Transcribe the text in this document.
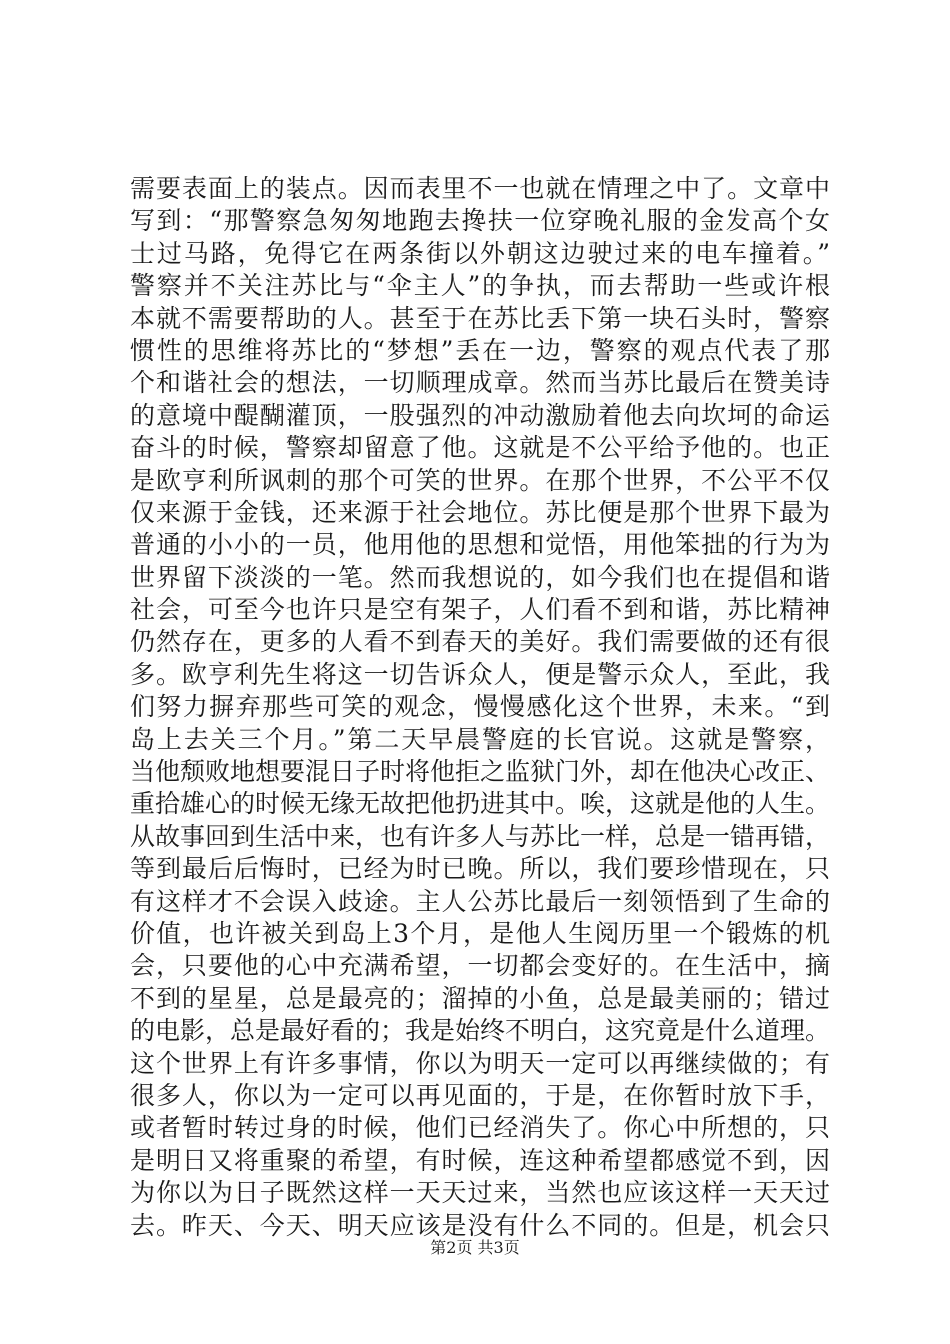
需要表面上的装点。因而表里不一也就在情理之中了。文章中
写到：“那警察急匆匆地跑去搀扶一位穿晚礼服的金发高个女
士过马路，免得它在两条街以外朝这边驶过来的电车撞着。”
警察并不关注苏比与“伞主人”的争执，而去帮助一些或许根
本就不需要帮助的人。甚至于在苏比丢下第一块石头时，警察
惯性的思维将苏比的“梦想”丢在一边，警察的观点代表了那
个和谐社会的想法，一切顺理成章。然而当苏比最后在赞美诗
的意境中醍醐灌顶，一股强烈的冲动激励着他去向坎坷的命运
奋斗的时候，警察却留意了他。这就是不公平给予他的。也正
是欧亨利所讽刺的那个可笑的世界。在那个世界，不公平不仅
仅来源于金钱，还来源于社会地位。苏比便是那个世界下最为
普通的小小的一员，他用他的思想和觉悟，用他笨拙的行为为
世界留下淡淡的一笔。然而我想说的，如今我们也在提倡和谐
社会，可至今也许只是空有架子，人们看不到和谐，苏比精神
仍然存在，更多的人看不到春天的美好。我们需要做的还有很
多。欧亨利先生将这一切告诉众人，便是警示众人，至此，我
们努力摒弃那些可笑的观念，慢慢感化这个世界，未来。“到
岛上去关三个月。”第二天早晨警庭的长官说。这就是警察，
当他颓败地想要混日子时将他拒之监狱门外，却在他决心改正、
重拾雄心的时候无缘无故把他扔进其中。唉，这就是他的人生。
从故事回到生活中来，也有许多人与苏比一样，总是一错再错，
等到最后后悔时，已经为时已晚。所以，我们要珍惜现在，只
有这样才不会误入歧途。主人公苏比最后一刻领悟到了生命的
价值，也许被关到岛上3个月，是他人生阅历里一个锻炼的机
会，只要他的心中充满希望，一切都会变好的。在生活中，摘
不到的星星，总是最亮的；溜掉的小鱼，总是最美丽的；错过
的电影，总是最好看的；我是始终不明白，这究竟是什么道理。
这个世界上有许多事情，你以为明天一定可以再继续做的；有
很多人，你以为一定可以再见面的，于是，在你暂时放下手，
或者暂时转过身的时候，他们已经消失了。你心中所想的，只
是明日又将重聚的希望，有时候，连这种希望都感觉不到，因
为你以为日子既然这样一天天过来，当然也应该这样一天天过
去。昨天、今天、明天应该是没有什么不同的。但是，机会只
第2页 共3页
